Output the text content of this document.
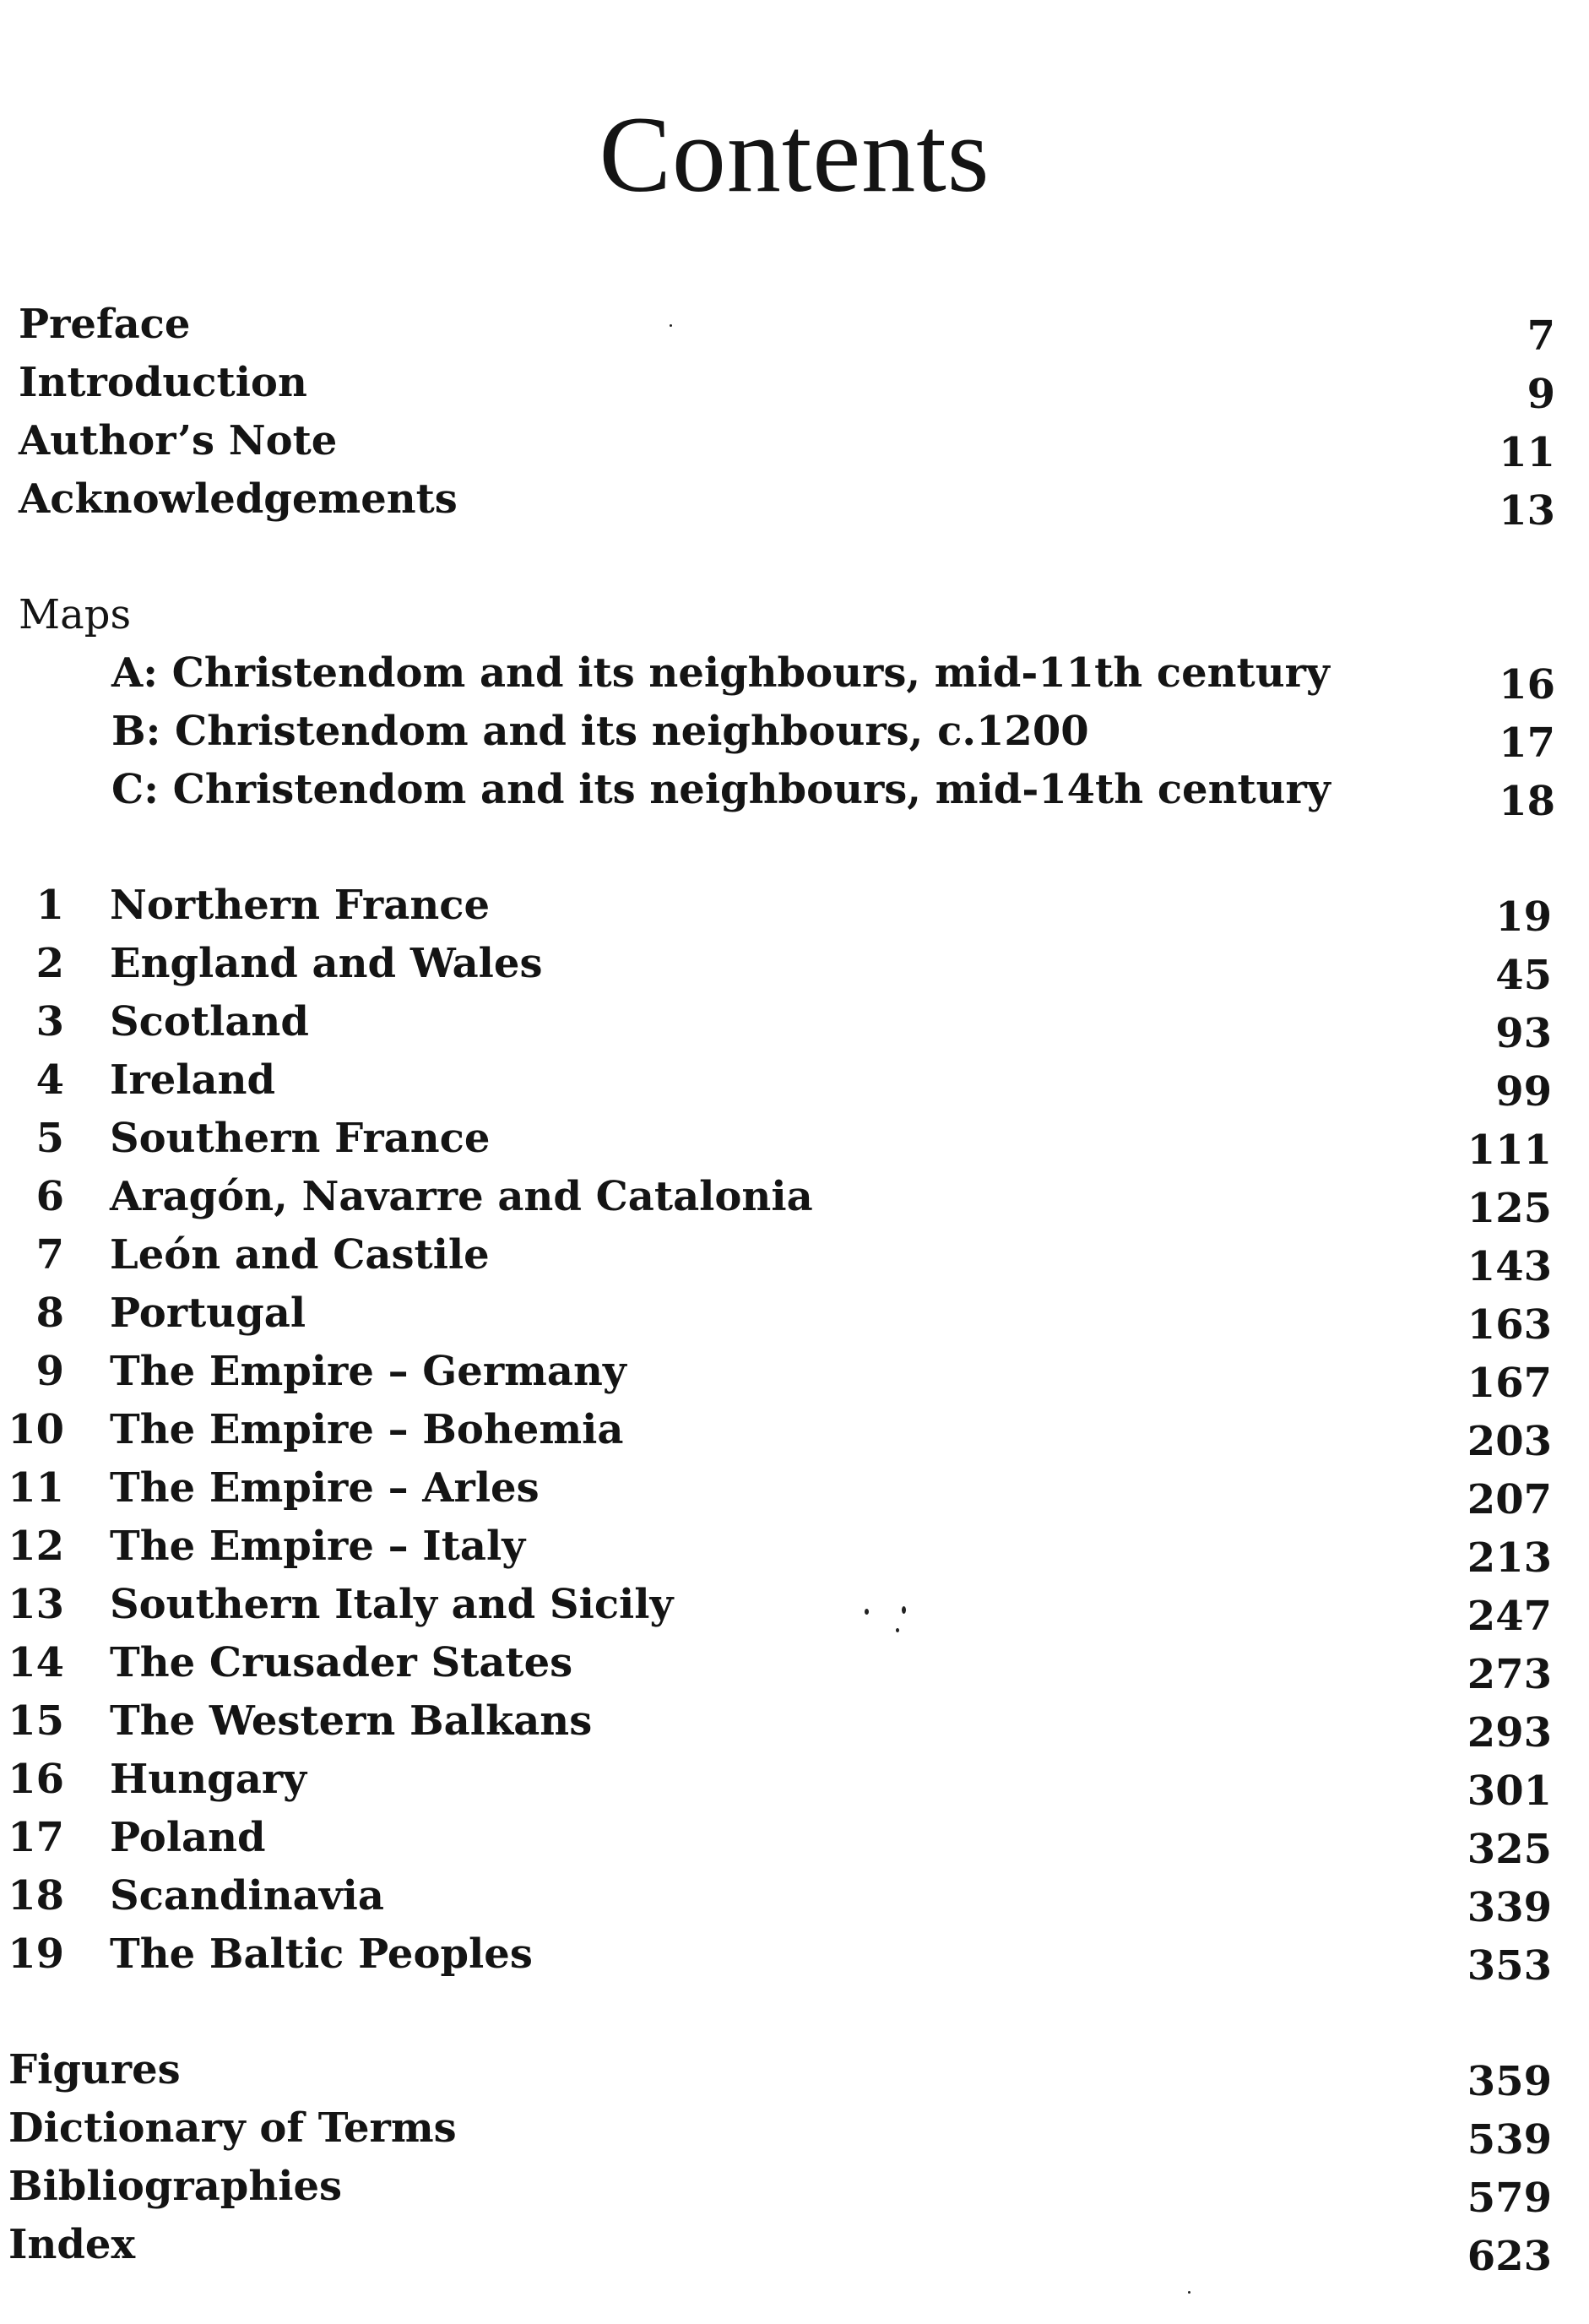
Contents
Preface	7
Introduction	9
Author’s Note	11
Acknowledgements	13
Maps
A: Christendom and its neighbours, mid-11th century	16
B: Christendom and its neighbours, c.1200	17
C: Christendom and its neighbours, mid-14th century	18
1 Northern France	19
2 England and Wales	45
3 Scotland	93
4 Ireland	99
5 Southern France	111
6 Aragón, Navarre and Catalonia	125
7 León and Castile	143
8 Portugal	163
9 The Empire – Germany	167
10 The Empire – Bohemia	203
11 The Empire – Arles	207
12 The Empire – Italy	213
13 Southern Italy and Sicily	247
14 The Crusader States	273
15 The Western Balkans	293
16 Hungary	301
17 Poland	325
18 Scandinavia	339
19 The Baltic Peoples	353
Figures	359
Dictionary of Terms	539
Bibliographies	579
Index	623
